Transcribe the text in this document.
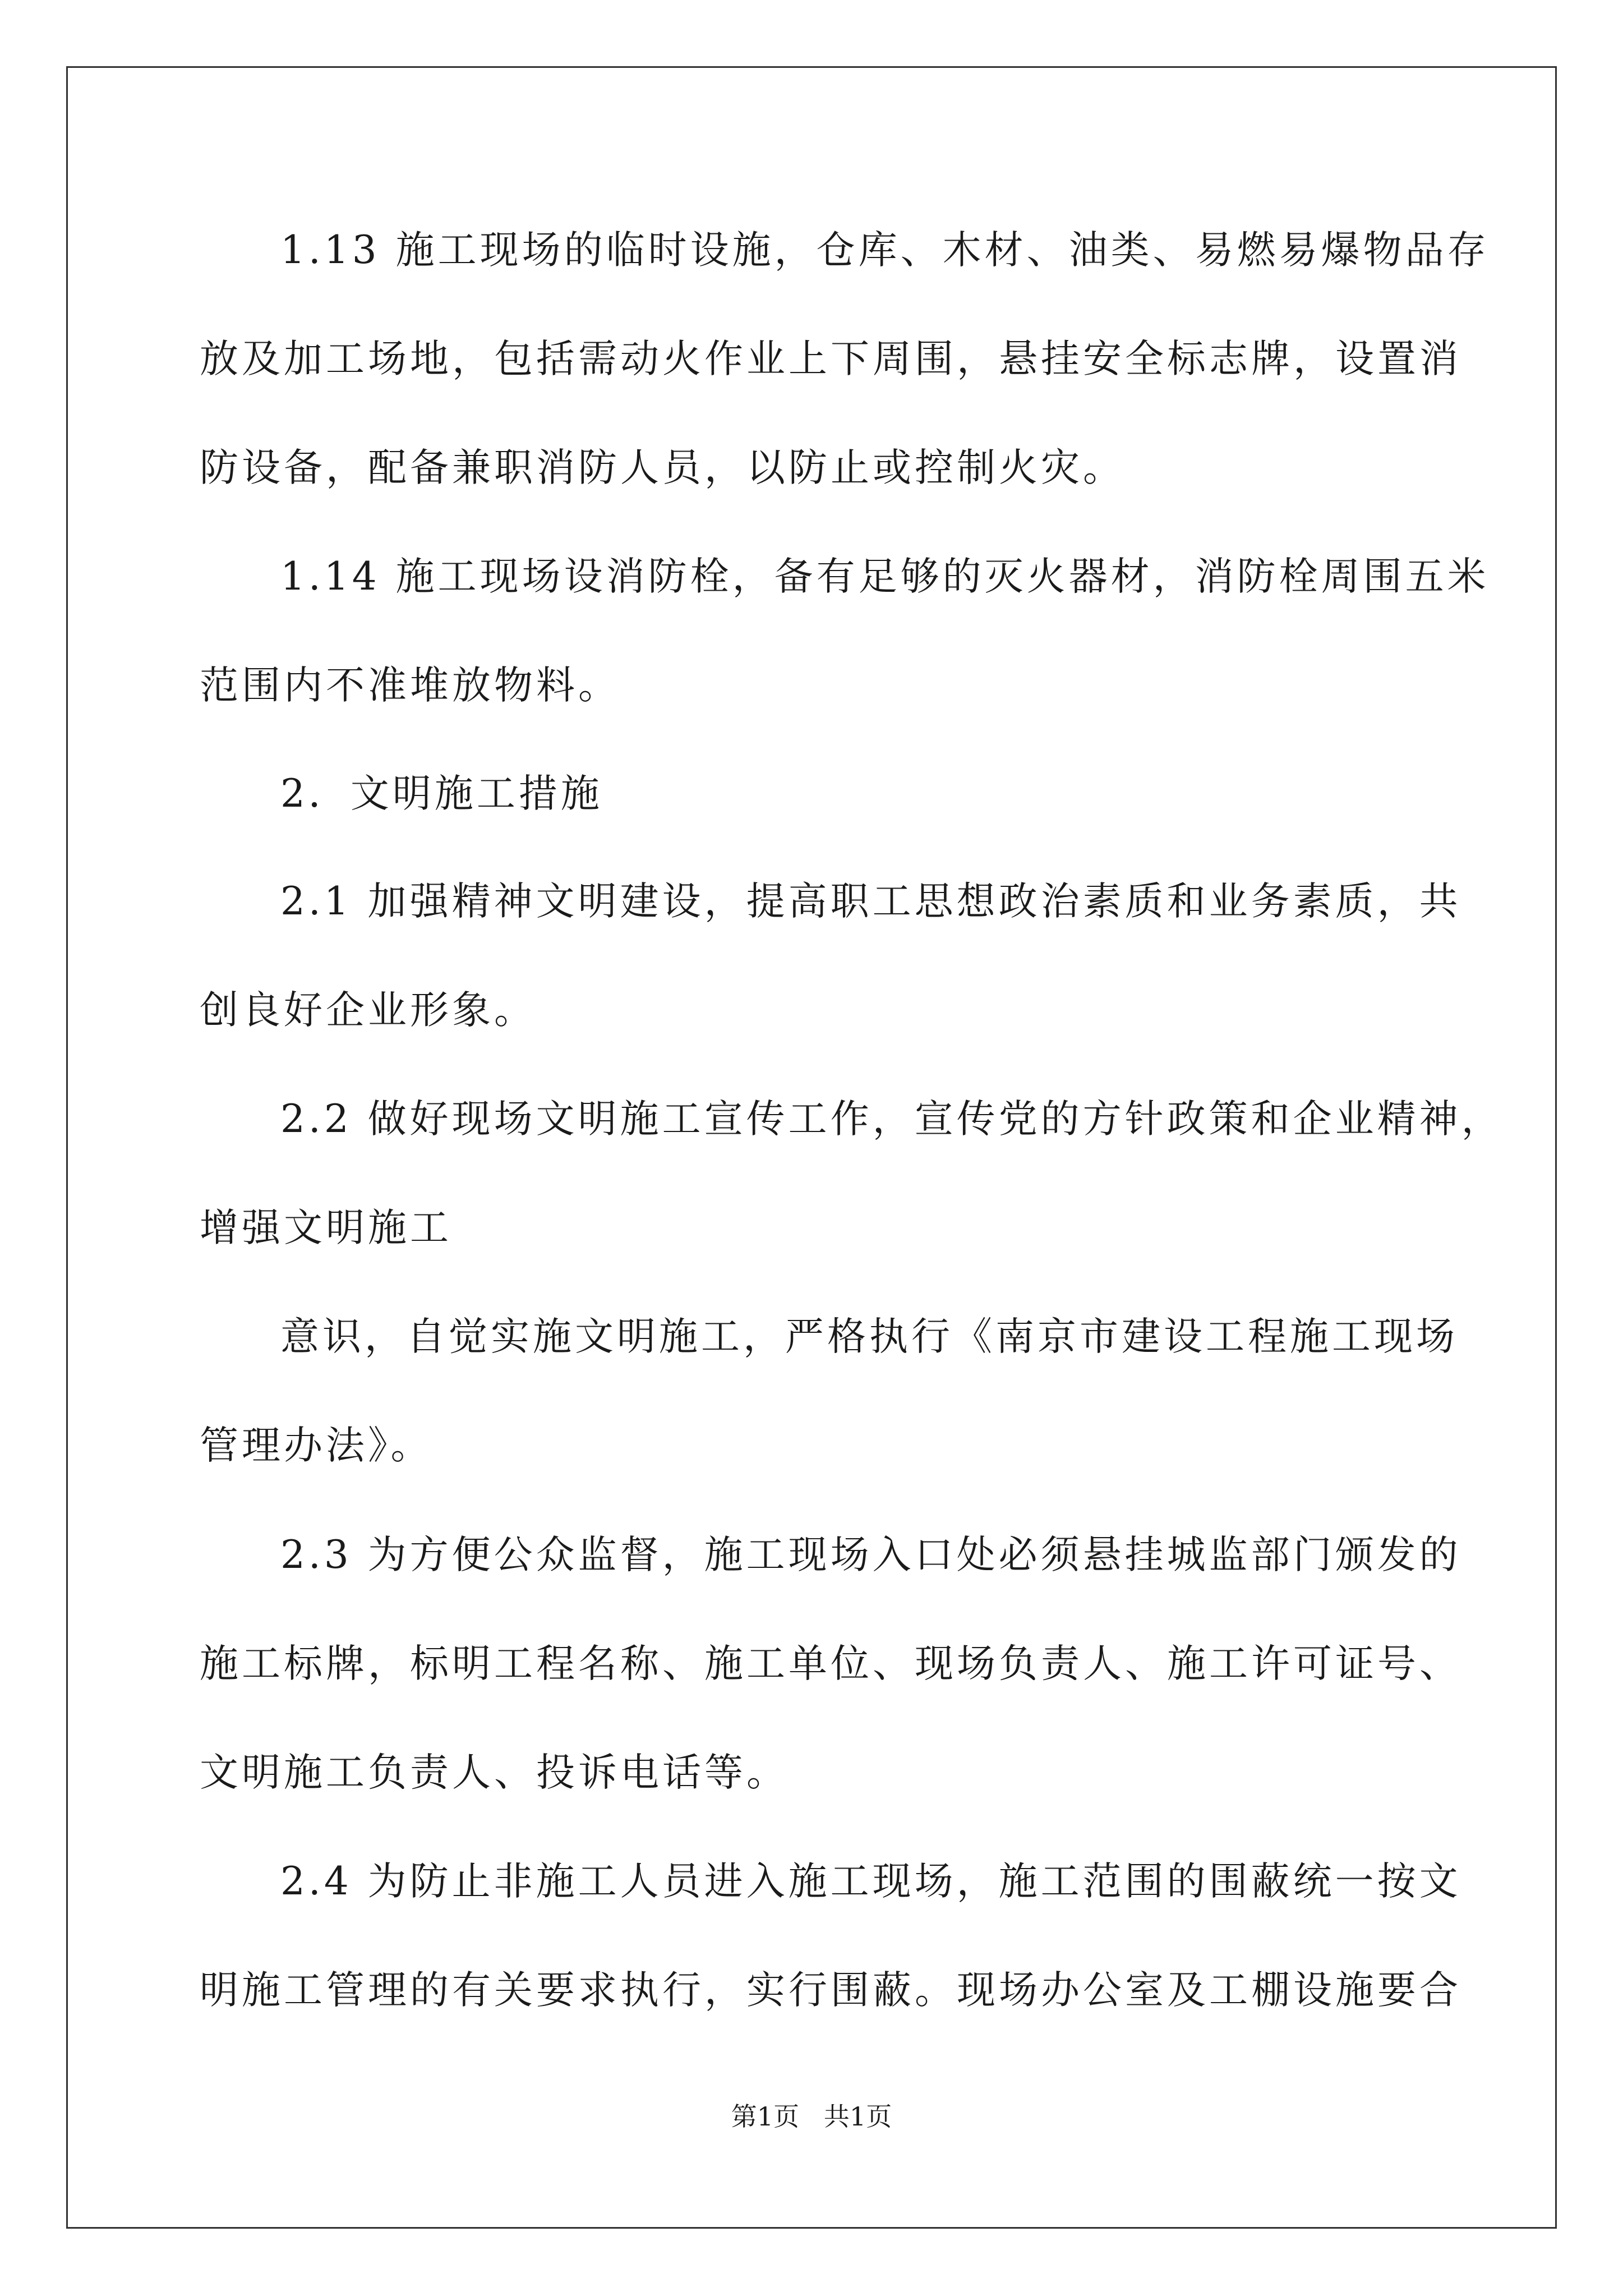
1.13 施工现场的临时设施，仓库、木材、油类、易燃易爆物品存

放及加工场地，包括需动火作业上下周围，悬挂安全标志牌，设置消

防设备，配备兼职消防人员，以防止或控制火灾。

1.14 施工现场设消防栓，备有足够的灭火器材，消防栓周围五米

范围内不准堆放物料。

2．文明施工措施

2.1 加强精神文明建设，提高职工思想政治素质和业务素质，共

创良好企业形象。

2.2 做好现场文明施工宣传工作，宣传党的方针政策和企业精神，

增强文明施工

意识，自觉实施文明施工，严格执行《南京市建设工程施工现场

管理办法》。

2.3 为方便公众监督，施工现场入口处必须悬挂城监部门颁发的

施工标牌，标明工程名称、施工单位、现场负责人、施工许可证号、

文明施工负责人、投诉电话等。

2.4 为防止非施工人员进入施工现场，施工范围的围蔽统一按文

明施工管理的有关要求执行，实行围蔽。现场办公室及工棚设施要合

第1页   共1页
